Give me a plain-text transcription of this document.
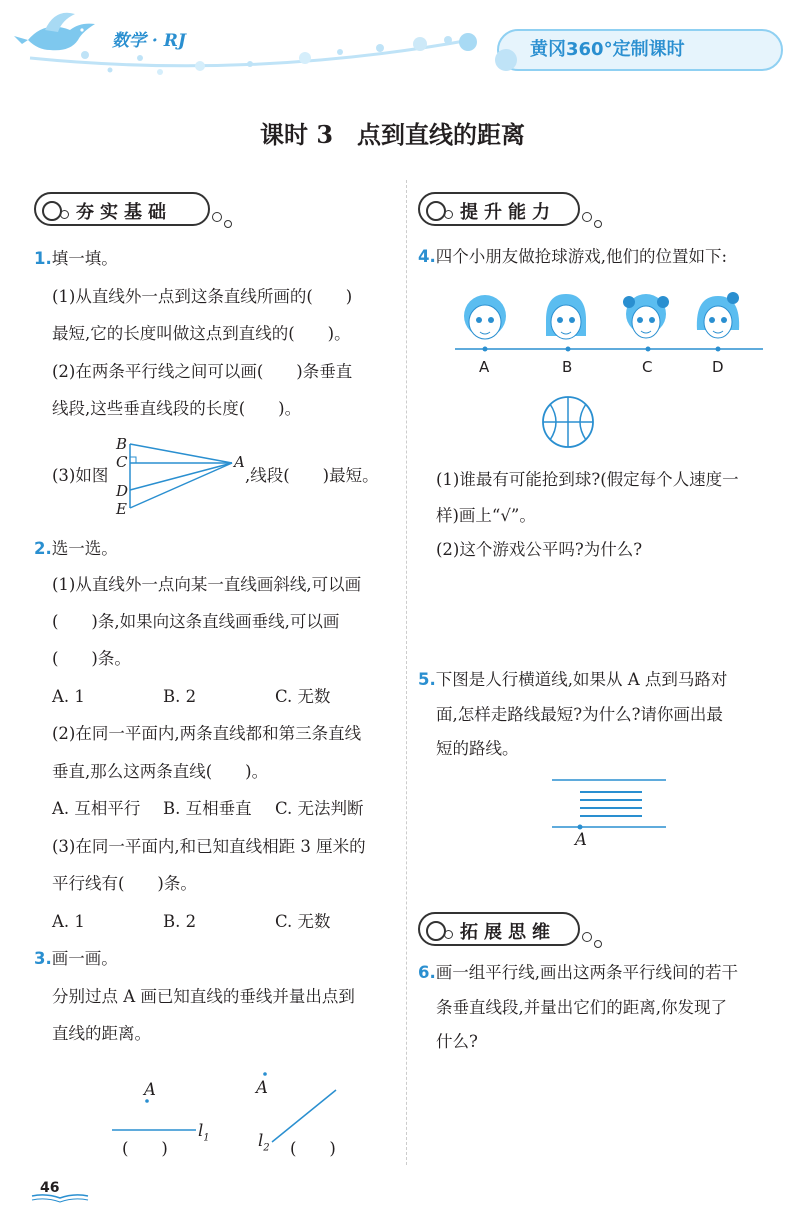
数学 · RJ	黄冈360°定制课时
课时 3　点到直线的距离
夯实基础
1.填一填。
(1)从直线外一点到这条直线所画的(　　)
最短,它的长度叫做这点到直线的(　　)。
(2)在两条平行线之间可以画(　　)条垂直
线段,这些垂直线段的长度(　　)。
(3)如图	,线段(　　)最短。
B
C
D
E
A
2.选一选。
(1)从直线外一点向某一直线画斜线,可以画
(　　)条,如果向这条直线画垂线,可以画
(　　)条。
A. 1	B. 2	C. 无数
(2)在同一平面内,两条直线都和第三条直线
垂直,那么这两条直线(　　)。
A. 互相平行 B. 互相垂直 C. 无法判断
(3)在同一平面内,和已知直线相距 3 厘米的
平行线有(　　)条。
A. 1	B. 2	C. 无数
3.画一画。
分别过点 A 画已知直线的垂线并量出点到
直线的距离。
A
$l_1$
(　　)
A
$l_2$ (　　)
提升能力
4.四个小朋友做抢球游戏,他们的位置如下:
A	B	C	D
(1)谁最有可能抢到球?(假定每个人速度一
样)画上“√”。
(2)这个游戏公平吗?为什么?
5.下图是人行横道线,如果从 A 点到马路对
面,怎样走路线最短?为什么?请你画出最
短的路线。
A
拓展思维
6.画一组平行线,画出这两条平行线间的若干
条垂直线段,并量出它们的距离,你发现了
什么?
46
